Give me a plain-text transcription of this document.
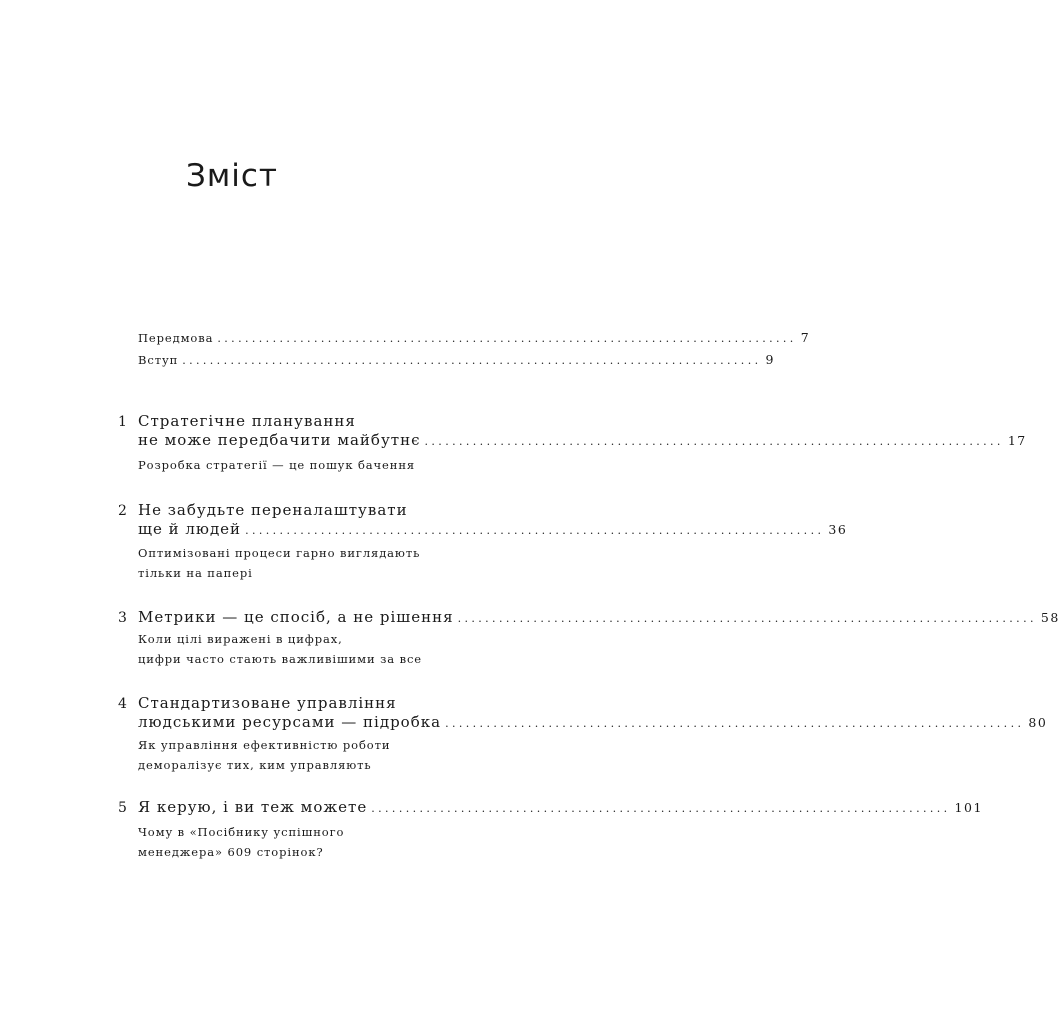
Зміст
Передмова .................................................................................... 7
Вступ .................................................................................... 9
1 Стратегічне планування
не може передбачити майбутнє .................................................................................... 17
Розробка стратегії — це пошук бачення
2 Не забудьте переналаштувати
ще й людей .................................................................................... 36
Оптимізовані процеси гарно виглядають
тільки на папері
3 Метрики — це спосіб, а не рішення .................................................................................... 58
Коли цілі виражені в цифрах,
цифри часто стають важливішими за все
4 Стандартизоване управління
людськими ресурсами — підробка .................................................................................... 80
Як управління ефективністю роботи
деморалізує тих, ким управляють
5 Я керую, і ви теж можете .................................................................................... 101
Чому в «Посібнику успішного
менеджера» 609 сторінок?
